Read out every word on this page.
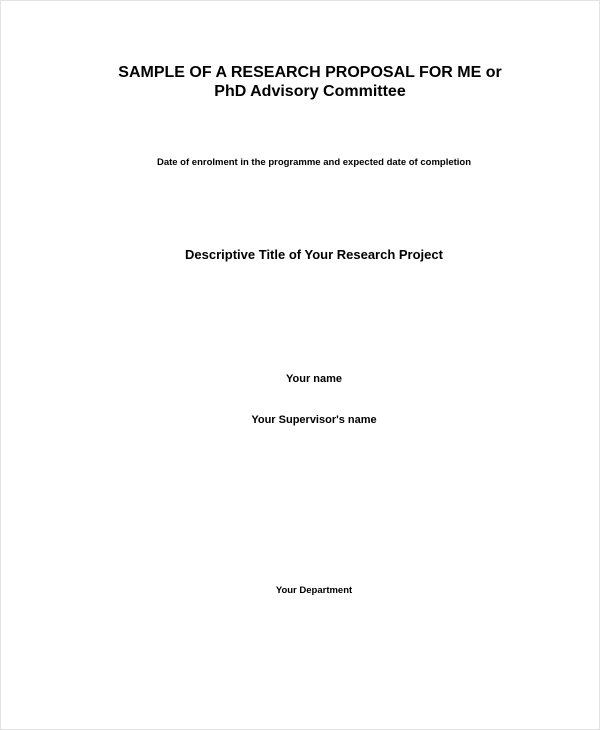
SAMPLE OF A RESEARCH PROPOSAL FOR ME or
PhD Advisory Committee
Date of enrolment in the programme and expected date of completion
Descriptive Title of Your Research Project
Your name
Your Supervisor's name
Your Department
